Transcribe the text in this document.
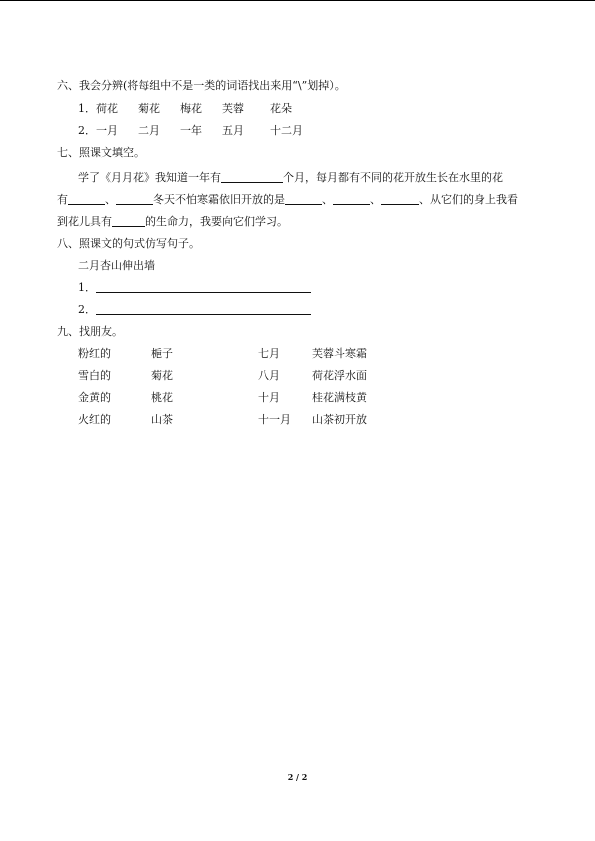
六、我会分辨(将每组中不是一类的词语找出来用“\”划掉）。
1． 荷花 菊花 梅花 芙蓉 花朵
2． 一月 二月 一年 五月 十二月
七、照课文填空。
学了《月月花》我知道一年有	个月，每月都有不同的花开放生长在水里的花
有	、	冬天不怕寒霜依旧开放的是	、	、	、从它们的身上我看
到花儿具有	的生命力，我要向它们学习。
八、照课文的句式仿写句子。
二月杏山伸出墙
1．
2．
九、找朋友。
粉红的	梔子	七月	芙蓉斗寒霜
雪白的	菊花	八月	荷花浮水面
金黄的	桃花	十月	桂花满枝黄
火红的	山茶	十一月 山茶初开放
2 / 2
